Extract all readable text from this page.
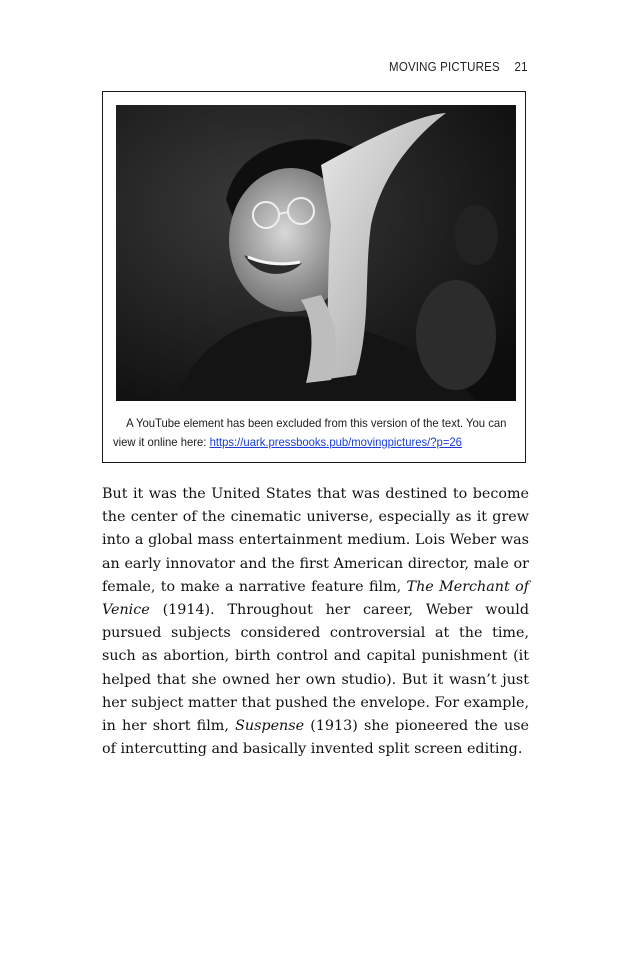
MOVING PICTURES 21
A YouTube element has been excluded from this version of the text. You can view it online here: https://uark.pressbooks.pub/movingpictures/?p=26

But it was the United States that was destined to become the center of the cinematic universe, especially as it grew into a global mass entertainment medium. Lois Weber was an early innovator and the first American director, male or female, to make a narrative feature film, The Merchant of Venice (1914). Throughout her career, Weber would pursued subjects considered controversial at the time, such as abortion, birth control and capital punishment (it helped that she owned her own studio). But it wasn’t just her subject matter that pushed the envelope. For example, in her short film, Suspense (1913) she pioneered the use of intercutting and basically invented split screen editing.
